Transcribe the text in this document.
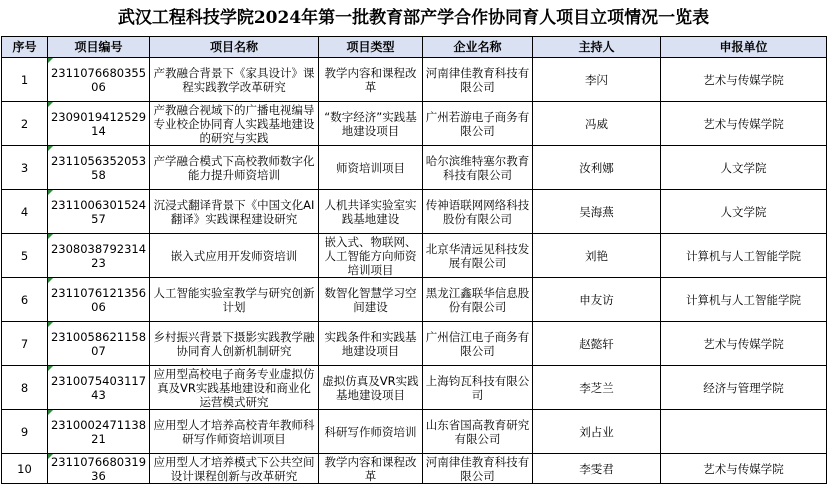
武汉工程科技学院2024年第一批教育部产学合作协同育人项目立项情况一览表
序号	项目编号	项目名称	项目类型	企业名称	主持人	申报单位
1	231107668035506	产教融合背景下《家具设计》课程实践教学改革研究	教学内容和课程改革	河南律佳教育科技有限公司	李闪	艺术与传媒学院
2	230901941252914	产教融合视域下的广播电视编导专业校企协同育人实践基地建设的研究与实践	“数字经济”实践基地建设项目	广州若游电子商务有限公司	冯威	艺术与传媒学院
3	231105635205358	产学融合模式下高校教师数字化能力提升师资培训	师资培训项目	哈尔滨维特塞尔教育科技有限公司	汝利娜	人文学院
4	231100630152457	沉浸式翻译背景下《中国文化AI翻译》实践课程建设研究	人机共译实验室实践基地建设	传神语联网网络科技股份有限公司	吴海燕	人文学院
5	230803879231423	嵌入式应用开发师资培训	嵌入式、物联网、人工智能方向师资培训项目	北京华清远见科技发展有限公司	刘艳	计算机与人工智能学院
6	231107612135606	人工智能实验室教学与研究创新计划	数智化智慧学习空间建设	黑龙江鑫联华信息股份有限公司	申友访	计算机与人工智能学院
7	231005862115807	乡村振兴背景下摄影实践教学融协同育人创新机制研究	实践条件和实践基地建设项目	广州信江电子商务有限公司	赵懿轩	艺术与传媒学院
8	231007540311743	应用型高校电子商务专业虚拟仿真及VR实践基地建设和商业化运营模式研究	虚拟仿真及VR实践基地建设项目	上海钧瓦科技有限公司	李芝兰	经济与管理学院
9	231000247113821	应用型人才培养高校青年教师科研写作师资培训项目	科研写作师资培训	山东省国高教育研究有限公司	刘占业	
10	231107668031936	应用型人才培养模式下公共空间设计课程创新与改革研究	教学内容和课程改革	河南律佳教育科技有限公司	李雯君	艺术与传媒学院
